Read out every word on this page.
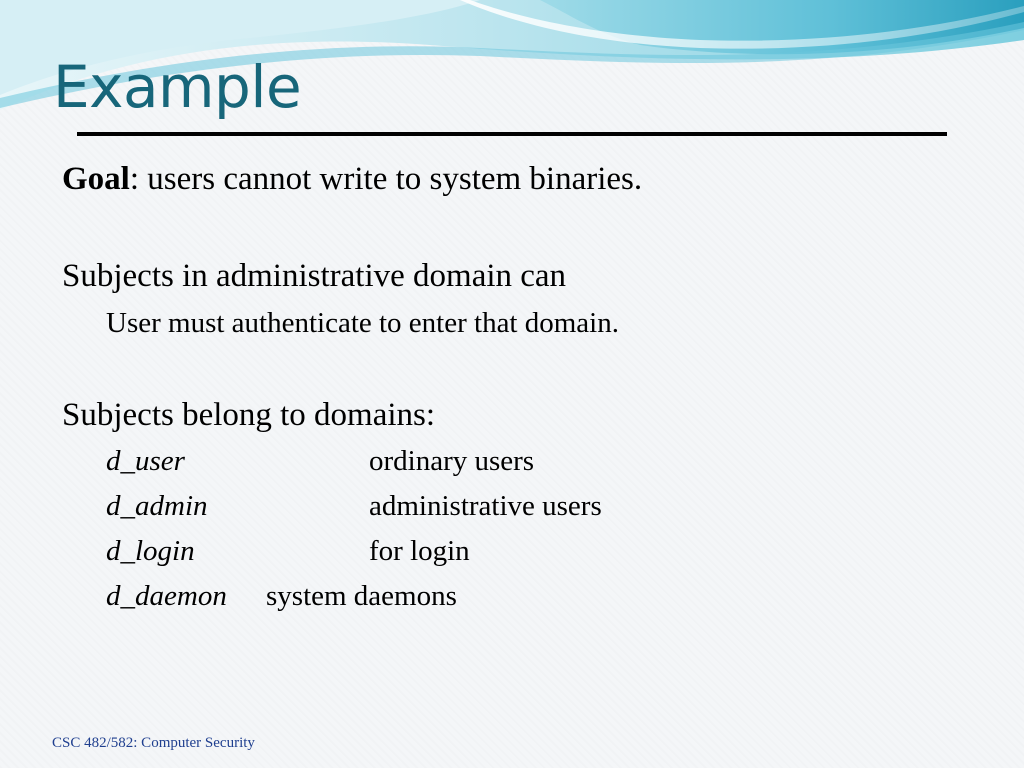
Example

Goal: users cannot write to system binaries.

Subjects in administrative domain can

User must authenticate to enter that domain.

Subjects belong to domains:

d_user	ordinary users
d_admin	administrative users
d_login	for login
d_daemon system daemons
CSC 482/582: Computer Security
